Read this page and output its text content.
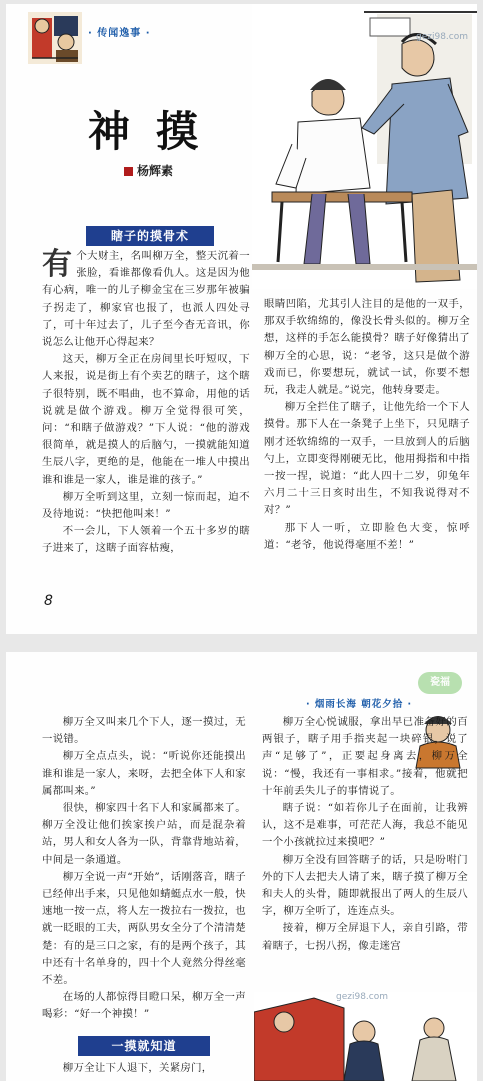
· 传闻逸事 ·
神摸
杨辉素
gezi98.com
瞎子的摸骨术

有个大财主，名叫柳万全，整天沉着一张脸，看谁都像看仇人。这是因为他有心病，唯一的儿子柳金宝在三岁那年被骗子拐走了，柳家官也报了，也派人四处寻了，可十年过去了，儿子至今杳无音讯，你说怎么让他开心得起来？

这天，柳万全正在房间里长吁短叹，下人来报，说是街上有个卖艺的瞎子，这个瞎子很特别，既不唱曲，也不算命，用他的话说就是做个游戏。柳万全觉得很可笑，问：“和瞎子做游戏？”下人说：“他的游戏很简单，就是摸人的后脑勺，一摸就能知道生辰八字，更绝的是，他能在一堆人中摸出谁和谁是一家人，谁是谁的孩子。”

柳万全听到这里，立刻一惊而起，迫不及待地说：“快把他叫来！”

不一会儿，下人领着一个五十多岁的瞎子进来了，这瞎子面容枯瘦，

眼睛凹陷，尤其引人注目的是他的一双手，那双手软绵绵的，像没长骨头似的。柳万全想，这样的手怎么能摸骨？瞎子好像猜出了柳万全的心思，说：“老爷，这只是做个游戏而已，你要想玩，就试一试，你要不想玩，我走人就是。”说完，他转身要走。

柳万全拦住了瞎子，让他先给一个下人摸骨。那下人在一条凳子上坐下，只见瞎子刚才还软绵绵的一双手，一旦放到人的后脑勺上，立即变得刚硬无比，他用拇指和中指一按一捏，说道：“此人四十二岁，卯兔年六月二十三日亥时出生，不知我说得对不对？”

那下人一听，立即脸色大变，惊呼道：“老爷，他说得毫厘不差！”

8
瓷福
· 烟雨长海 朝花夕拾 ·

柳万全又叫来几个下人，逐一摸过，无一说错。

柳万全点点头，说：“听说你还能摸出谁和谁是一家人，来呀，去把全体下人和家属都叫来。”

很快，柳家四十名下人和家属都来了。柳万全没让他们挨家挨户站，而是混杂着站，男人和女人各为一队，背靠背地站着，中间是一条通道。

柳万全说一声“开始”，话刚落音，瞎子已经伸出手来，只见他如蜻蜓点水一般，快速地一按一点，将人左一拨拉右一拨拉，也就一眨眼的工夫，两队男女全分了个清清楚楚：有的是三口之家，有的是两个孩子，其中还有十名单身的，四十个人竟然分得丝毫不差。

在场的人都惊得目瞪口呆，柳万全一声喝彩：“好一个神摸！”

一摸就知道

柳万全让下人退下，关紧房门，

柳万全心悦诚服，拿出早已准备好的百两银子，瞎子用手指夹起一块碎银，说了声“足够了”，正要起身离去，柳万全说：“慢，我还有一事相求。”接着，他就把十年前丢失儿子的事情说了。

瞎子说：“如若你儿子在面前，让我辨认，这不是难事，可茫茫人海，我总不能见一个小孩就拉过来摸吧？”

柳万全没有回答瞎子的话，只是吩咐门外的下人去把夫人请了来，瞎子摸了柳万全和夫人的头骨，随即就报出了两人的生辰八字，柳万全听了，连连点头。

接着，柳万全屏退下人，亲自引路，带着瞎子，七拐八拐，像走迷宫

gezi98.com
